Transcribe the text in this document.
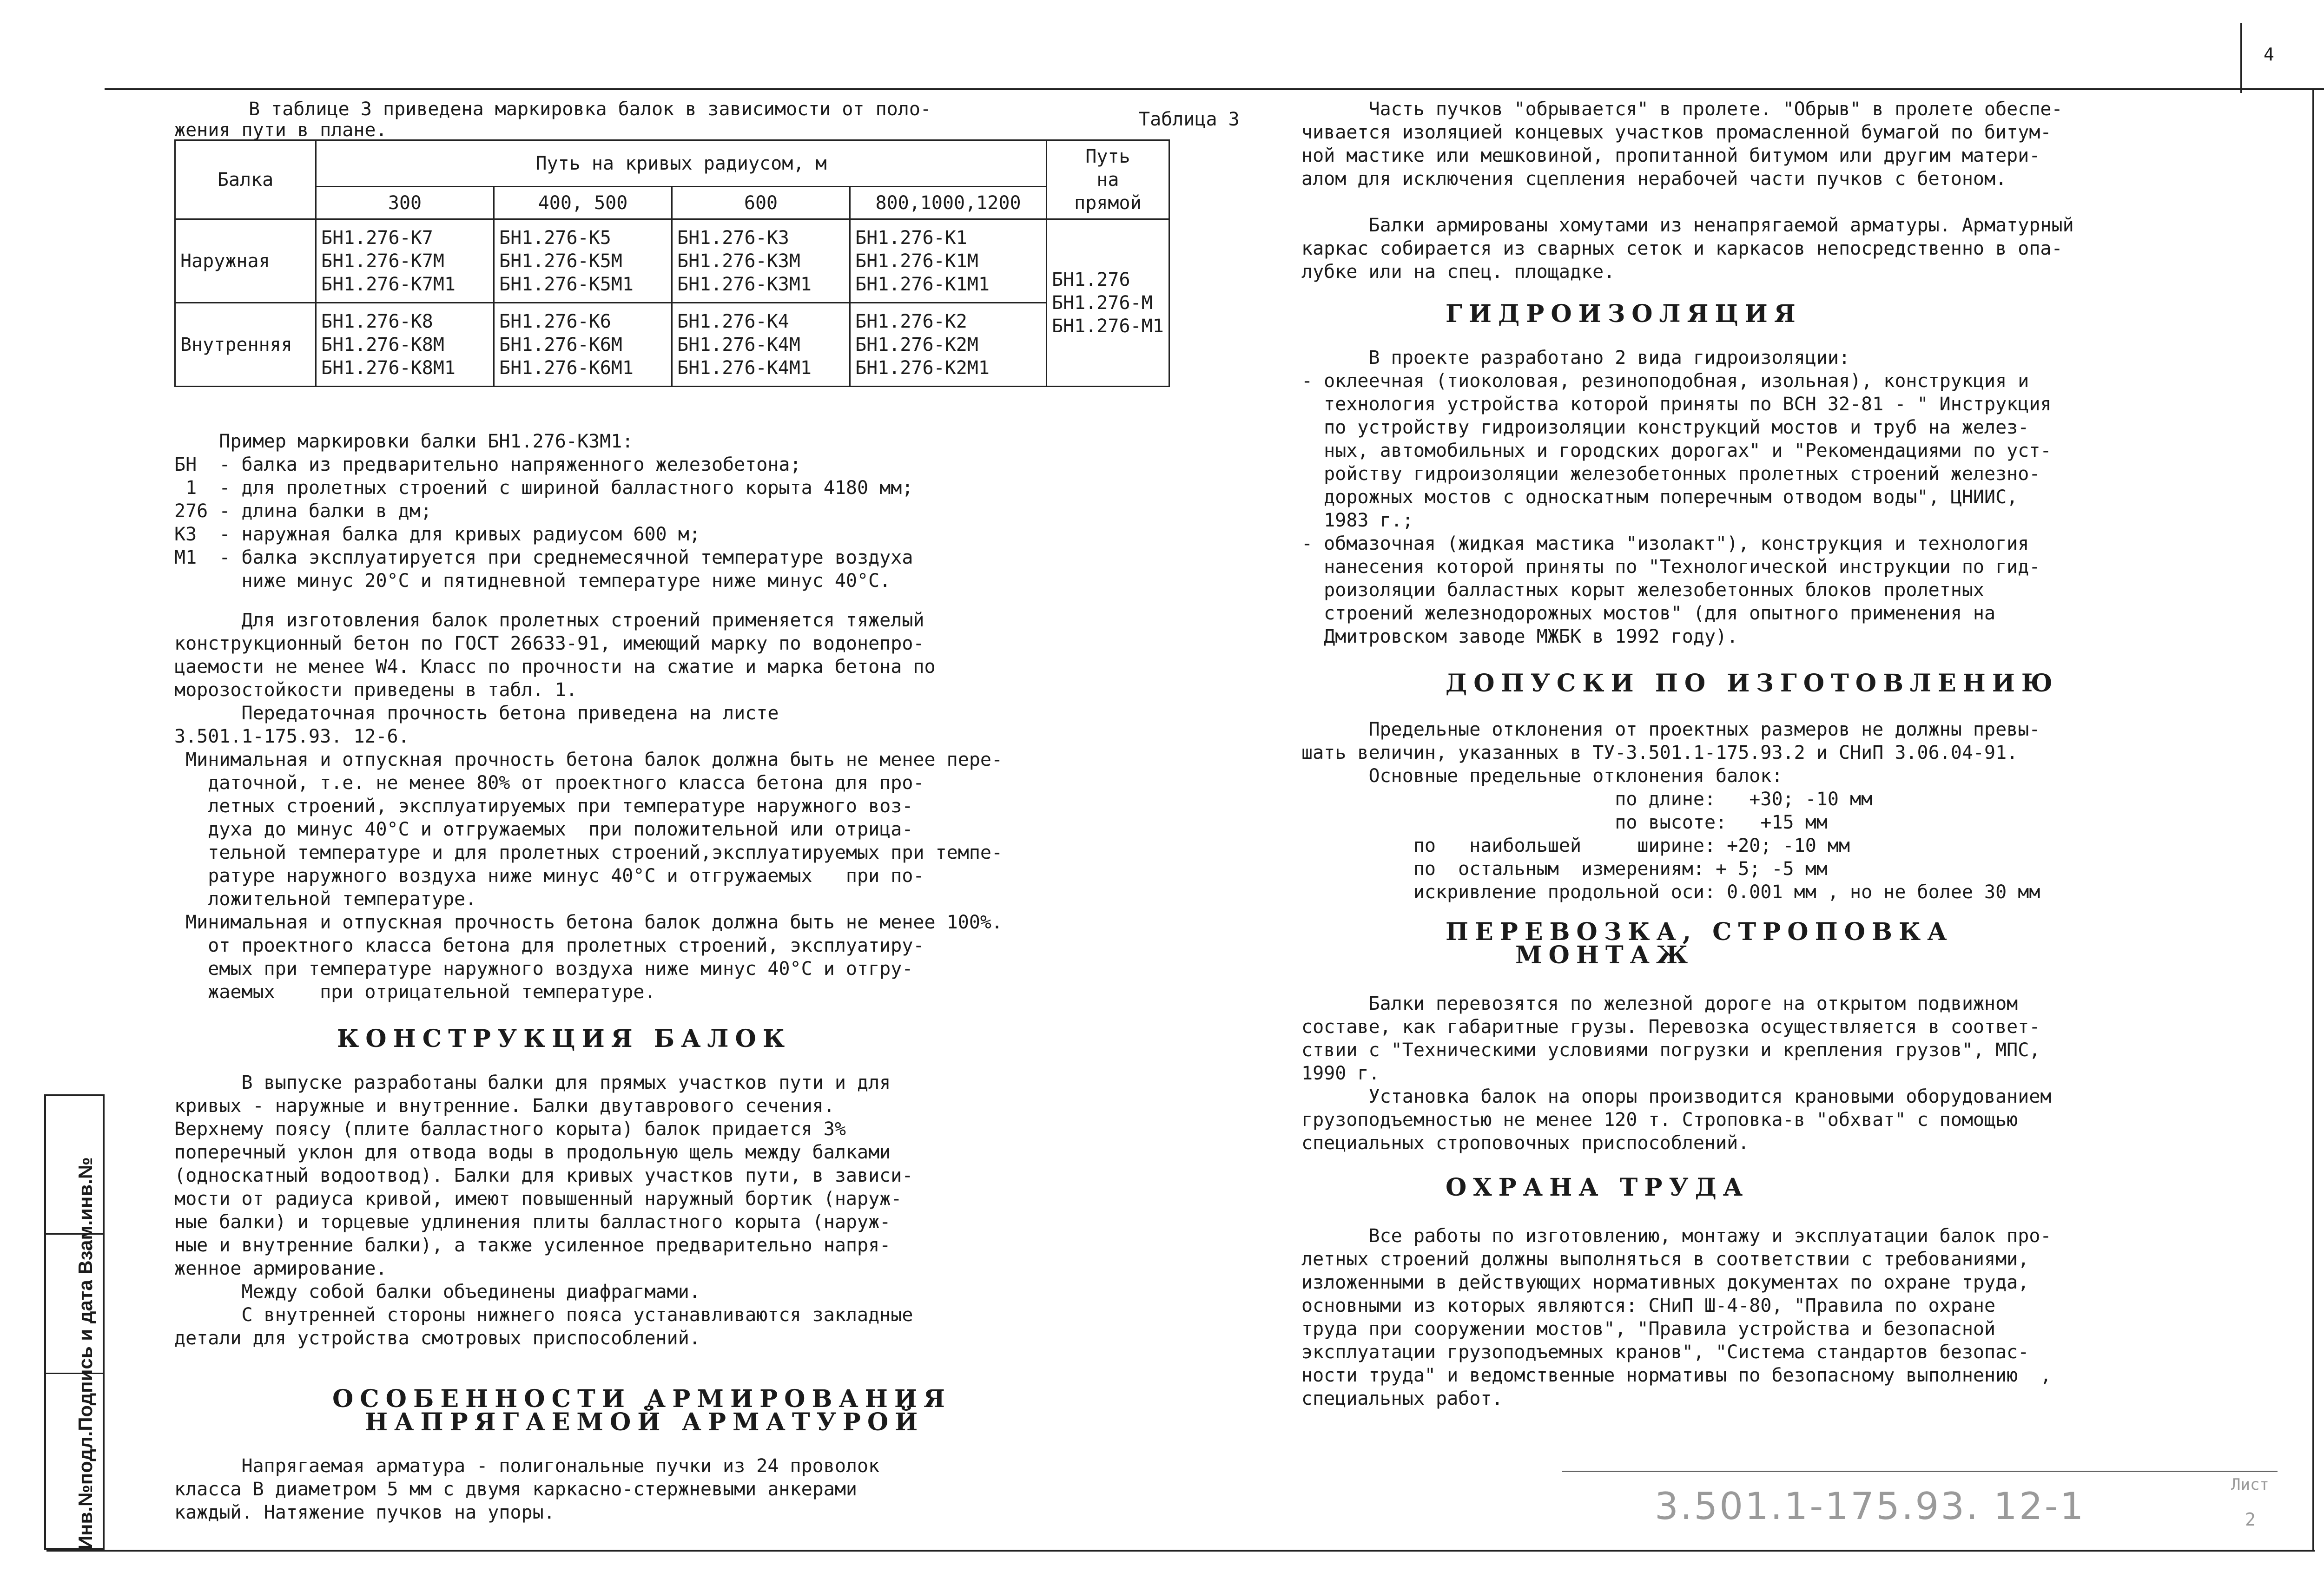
4
Инв.№подл.Подпись и дата Взам.инв.№
В таблице 3 приведена маркировка балок в зависимости от поло-
жения пути в плане.	Таблица 3
Балка	Путь на кривых радиусом, м				Путь
на
прямой
	300	400, 500	600	800,1000,1200	
Наружная	БН1.276-К7
БН1.276-К7М
БН1.276-К7М1	БН1.276-К5
БН1.276-К5М
БН1.276-К5М1	БН1.276-К3
БН1.276-К3М
БН1.276-К3М1	БН1.276-К1
БН1.276-К1М
БН1.276-К1М1	БН1.276
БН1.276-М
БН1.276-М1
Внутренняя	БН1.276-К8
БН1.276-К8М
БН1.276-К8М1	БН1.276-К6
БН1.276-К6М
БН1.276-К6М1	БН1.276-К4
БН1.276-К4М
БН1.276-К4М1	БН1.276-К2
БН1.276-К2М
БН1.276-К2М1	
Пример маркировки балки БН1.276-К3М1:
БН  - балка из предварительно напряженного железобетона;
1  - для пролетных строений с шириной балластного корыта 4180 мм;
276 - длина балки в дм;
К3  - наружная балка для кривых радиусом 600 м;
М1  - балка эксплуатируется при среднемесячной температуре воздуха
ниже минус 20°С и пятидневной температуре ниже минус 40°С.
Для изготовления балок пролетных строений применяется тяжелый
конструкционный бетон по ГОСТ 26633-91, имеющий марку по водонепро-
цаемости не менее W4. Класс по прочности на сжатие и марка бетона по
морозостойкости приведены в табл. 1.
Передаточная прочность бетона приведена на листе
3.501.1-175.93. 12-6.
Минимальная и отпускная прочность бетона балок должна быть не менее пере-
даточной, т.е. не менее 80% от проектного класса бетона для про-
летных строений, эксплуатируемых при температуре наружного воз-
духа до минус 40°С и отгружаемых  при положительной или отрица-
тельной температуре и для пролетных строений,эксплуатируемых при темпе-
ратуре наружного воздуха ниже минус 40°С и отгружаемых   при по-
ложительной температуре.
Минимальная и отпускная прочность бетона балок должна быть не менее 100%.
от проектного класса бетона для пролетных строений, эксплуатиру-
емых при температуре наружного воздуха ниже минус 40°С и отгру-
жаемых    при отрицательной температуре.
КОНСТРУКЦИЯ БАЛОК
В выпуске разработаны балки для прямых участков пути и для
кривых - наружные и внутренние. Балки двутаврового сечения.
Верхнему поясу (плите балластного корыта) балок придается 3%
поперечный уклон для отвода воды в продольную щель между балками
(односкатный водоотвод). Балки для кривых участков пути, в зависи-
мости от радиуса кривой, имеют повышенный наружный бортик (наруж-
ные балки) и торцевые удлинения плиты балластного корыта (наруж-
ные и внутренние балки), а также усиленное предварительно напря-
женное армирование.
Между собой балки объединены диафрагмами.
С внутренней стороны нижнего пояса устанавливаются закладные
детали для устройства смотровых приспособлений.
ОСОБЕННОСТИ АРМИРОВАНИЯ
НАПРЯГАЕМОЙ АРМАТУРОЙ
Напрягаемая арматура - полигональные пучки из 24 проволок
класса В диаметром 5 мм с двумя каркасно-стержневыми анкерами
каждый. Натяжение пучков на упоры.
Часть пучков "обрывается" в пролете. "Обрыв" в пролете обеспе-
чивается изоляцией концевых участков промасленной бумагой по битум-
ной мастике или мешковиной, пропитанной битумом или другим матери-
алом для исключения сцепления нерабочей части пучков с бетоном.
Балки армированы хомутами из ненапрягаемой арматуры. Арматурный
каркас собирается из сварных сеток и каркасов непосредственно в опа-
лубке или на спец. площадке.
ГИДРОИЗОЛЯЦИЯ
В проекте разработано 2 вида гидроизоляции:
- оклеечная (тиоколовая, резиноподобная, изольная), конструкция и
технология устройства которой приняты по ВСН 32-81 - " Инструкция
по устройству гидроизоляции конструкций мостов и труб на желез-
ных, автомобильных и городских дорогах" и "Рекомендациями по уст-
ройству гидроизоляции железобетонных пролетных строений железно-
дорожных мостов с односкатным поперечным отводом воды", ЦНИИС,
1983 г.;
- обмазочная (жидкая мастика "изолакт"), конструкция и технология
нанесения которой приняты по "Технологической инструкции по гид-
роизоляции балластных корыт железобетонных блоков пролетных
строений железнодорожных мостов" (для опытного применения на
Дмитровском заводе МЖБК в 1992 году).
ДОПУСКИ ПО ИЗГОТОВЛЕНИЮ
Предельные отклонения от проектных размеров не должны превы-
шать величин, указанных в ТУ-3.501.1-175.93.2 и СНиП 3.06.04-91.
Основные предельные отклонения балок:
по длине:   +30; -10 мм
по высоте:   +15 мм
по   наибольшей     ширине: +20; -10 мм
по  остальным  измерениям: + 5; -5 мм
искривление продольной оси: 0.001 мм , но не более 30 мм
ПЕРЕВОЗКА, СТРОПОВКА
МОНТАЖ
Балки перевозятся по железной дороге на открытом подвижном
составе, как габаритные грузы. Перевозка осуществляется в соответ-
ствии с "Техническими условиями погрузки и крепления грузов", МПС,
1990 г.
Установка балок на опоры производится крановыми оборудованием
грузоподъемностью не менее 120 т. Строповка-в "обхват" с помощью
специальных строповочных приспособлений.
ОХРАНА ТРУДА
Все работы по изготовлению, монтажу и эксплуатации балок про-
летных строений должны выполняться в соответствии с требованиями,
изложенными в действующих нормативных документах по охране труда,
основными из которых являются: СНиП Ш-4-80, "Правила по охране
труда при сооружении мостов", "Правила устройства и безопасной
эксплуатации грузоподъемных кранов", "Система стандартов безопас-
ности труда" и ведомственные нормативы по безопасному выполнению  ,
специальных работ.
3.501.1-175.93. 12-1	Лист
2
